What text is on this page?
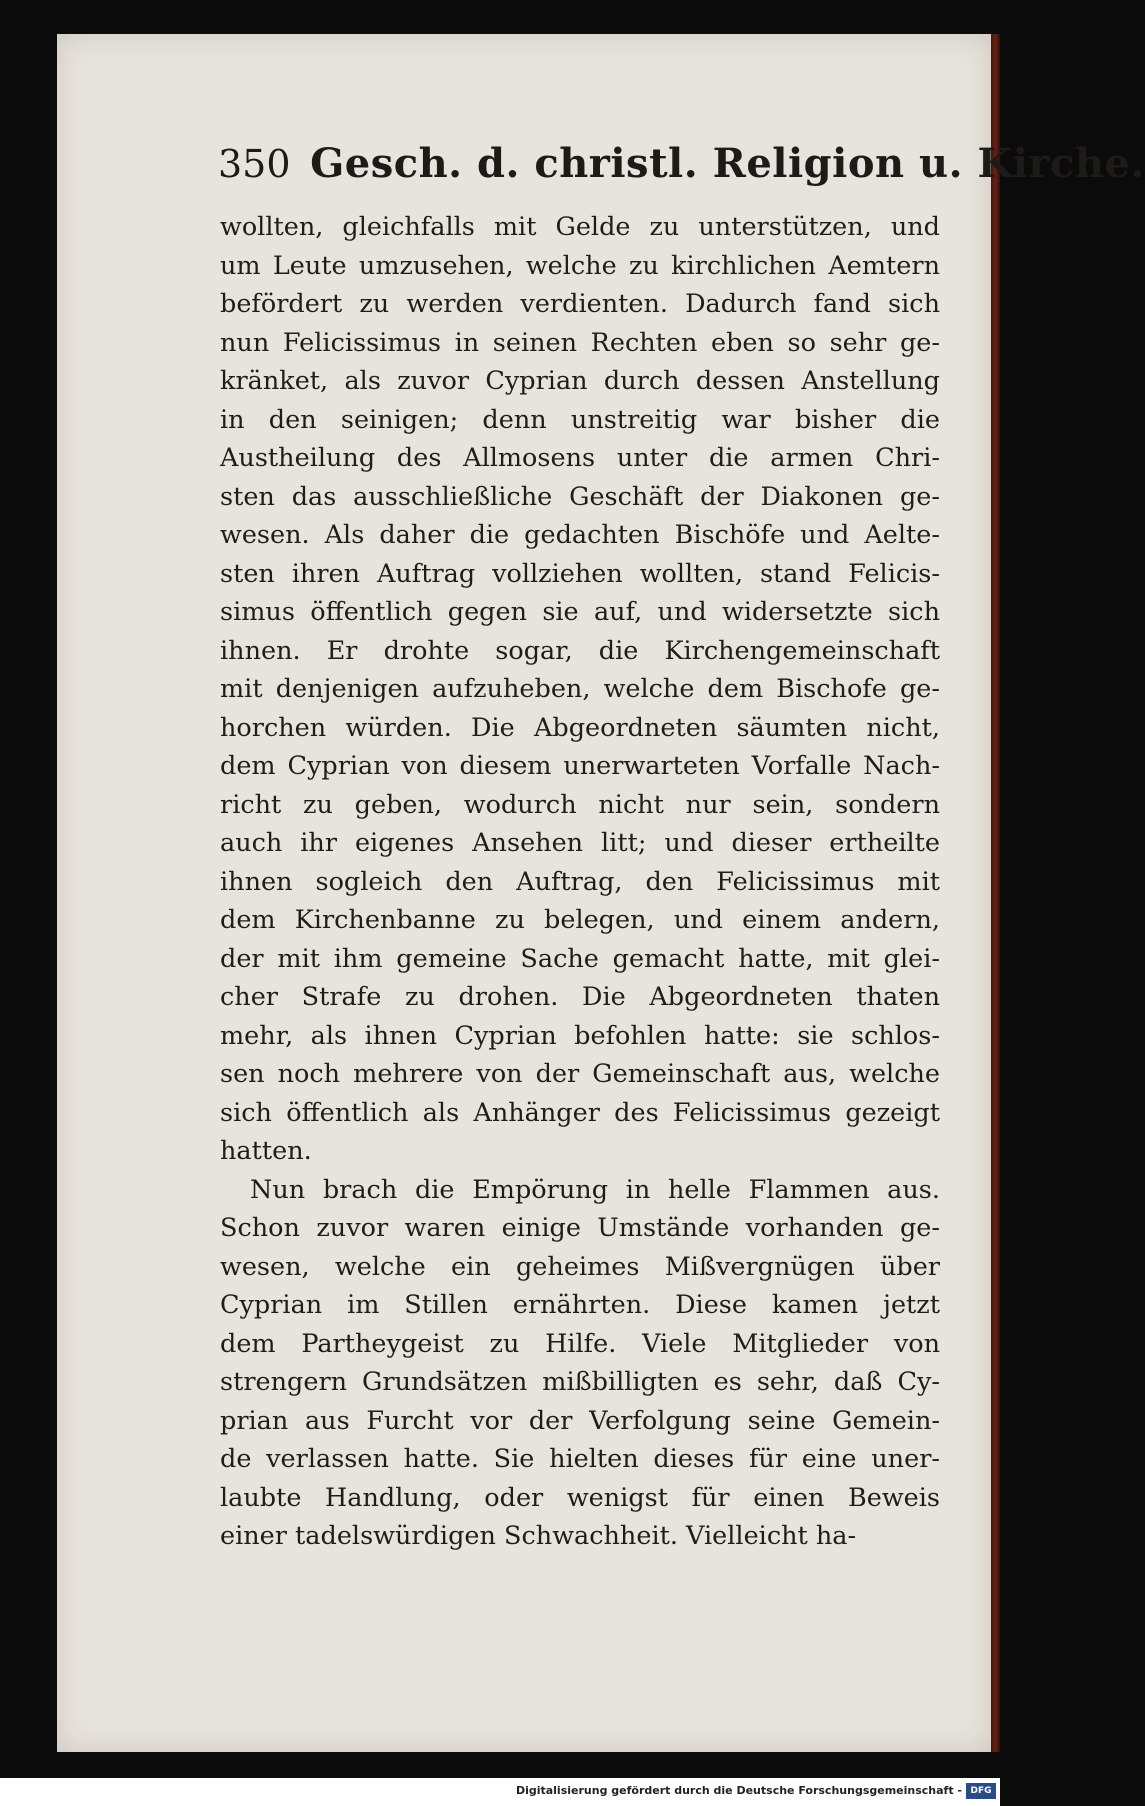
350 Gesch. d. christl. Religion u. Kirche.
wollten, gleichfalls mit Gelde zu unterstützen, und
um Leute umzusehen, welche zu kirchlichen Aemtern
befördert zu werden verdienten. Dadurch fand sich
nun Felicissimus in seinen Rechten eben so sehr ge-
kränket, als zuvor Cyprian durch dessen Anstellung
in den seinigen; denn unstreitig war bisher die
Austheilung des Allmosens unter die armen Chri-
sten das ausschließliche Geschäft der Diakonen ge-
wesen. Als daher die gedachten Bischöfe und Aelte-
sten ihren Auftrag vollziehen wollten, stand Felicis-
simus öffentlich gegen sie auf, und widersetzte sich
ihnen. Er drohte sogar, die Kirchengemeinschaft
mit denjenigen aufzuheben, welche dem Bischofe ge-
horchen würden. Die Abgeordneten säumten nicht,
dem Cyprian von diesem unerwarteten Vorfalle Nach-
richt zu geben, wodurch nicht nur sein, sondern
auch ihr eigenes Ansehen litt; und dieser ertheilte
ihnen sogleich den Auftrag, den Felicissimus mit
dem Kirchenbanne zu belegen, und einem andern,
der mit ihm gemeine Sache gemacht hatte, mit glei-
cher Strafe zu drohen. Die Abgeordneten thaten
mehr, als ihnen Cyprian befohlen hatte: sie schlos-
sen noch mehrere von der Gemeinschaft aus, welche
sich öffentlich als Anhänger des Felicissimus gezeigt
hatten.
Nun brach die Empörung in helle Flammen aus.
Schon zuvor waren einige Umstände vorhanden ge-
wesen, welche ein geheimes Mißvergnügen über
Cyprian im Stillen ernährten. Diese kamen jetzt
dem Partheygeist zu Hilfe. Viele Mitglieder von
strengern Grundsätzen mißbilligten es sehr, daß Cy-
prian aus Furcht vor der Verfolgung seine Gemein-
de verlassen hatte. Sie hielten dieses für eine uner-
laubte Handlung, oder wenigst für einen Beweis
einer tadelswürdigen Schwachheit. Vielleicht ha-
Digitalisierung gefördert durch die Deutsche Forschungsgemeinschaft - DFG
